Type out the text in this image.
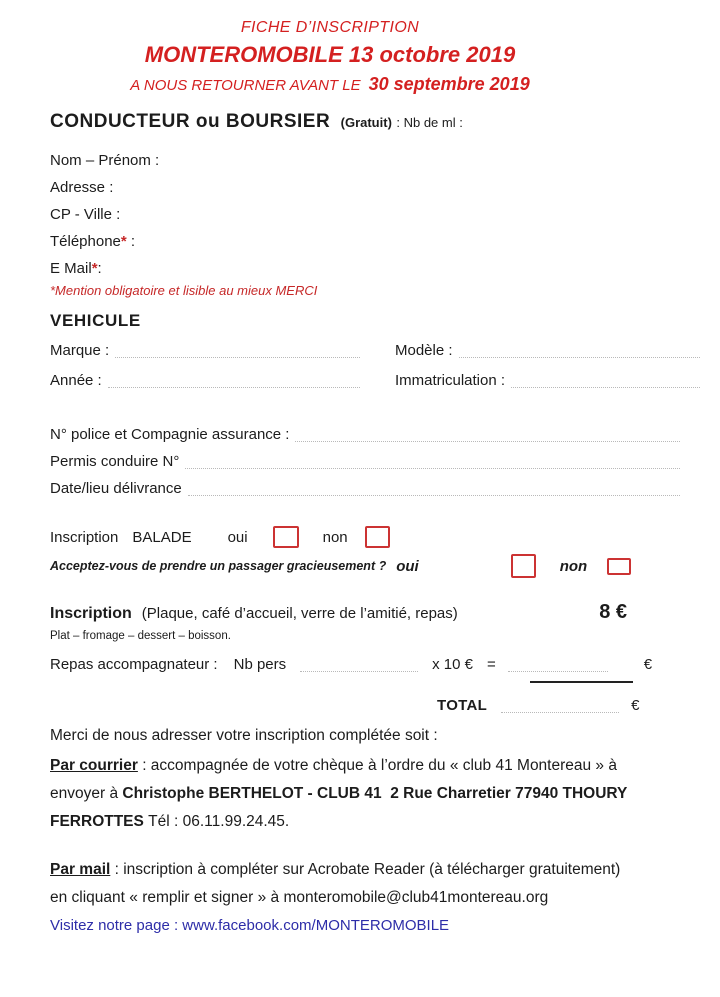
FICHE D’INSCRIPTION
MONTEROMOBILE 13 octobre 2019
A NOUS RETOURNER AVANT LE 30 septembre 2019
CONDUCTEUR ou BOURSIER (Gratuit) : Nb de ml :
Nom – Prénom :
Adresse :
CP - Ville :
Téléphone * :
E Mail * :
*Mention obligatoire et lisible au mieux MERCI
VEHICULE
Marque :	Modèle :
Année :	Immatriculation :
N° police et Compagnie assurance :
Permis conduire N°
Date/lieu délivrance
Inscription BALADE oui	non
Acceptez-vous de prendre un passager gracieusement ? oui	non
Inscription (Plaque, café d’accueil, verre de l’amitié, repas)	8 €
Plat – fromage – dessert – boisson.
Repas accompagnateur : Nb pers	x 10 € =	€
TOTAL	€
Merci de nous adresser votre inscription complétée soit :
Par courrier : accompagnée de votre chèque à l’ordre du « club 41 Montereau » à
envoyer à Christophe BERTHELOT - CLUB 41  2 Rue Charretier 77940 THOURY
FERROTTES Tél : 06.11.99.24.45.
Par mail : inscription à compléter sur Acrobate Reader (à télécharger gratuitement)
en cliquant « remplir et signer » à monteromobile@club41montereau.org
Visitez notre page : www.facebook.com/MONTEROMOBILE
